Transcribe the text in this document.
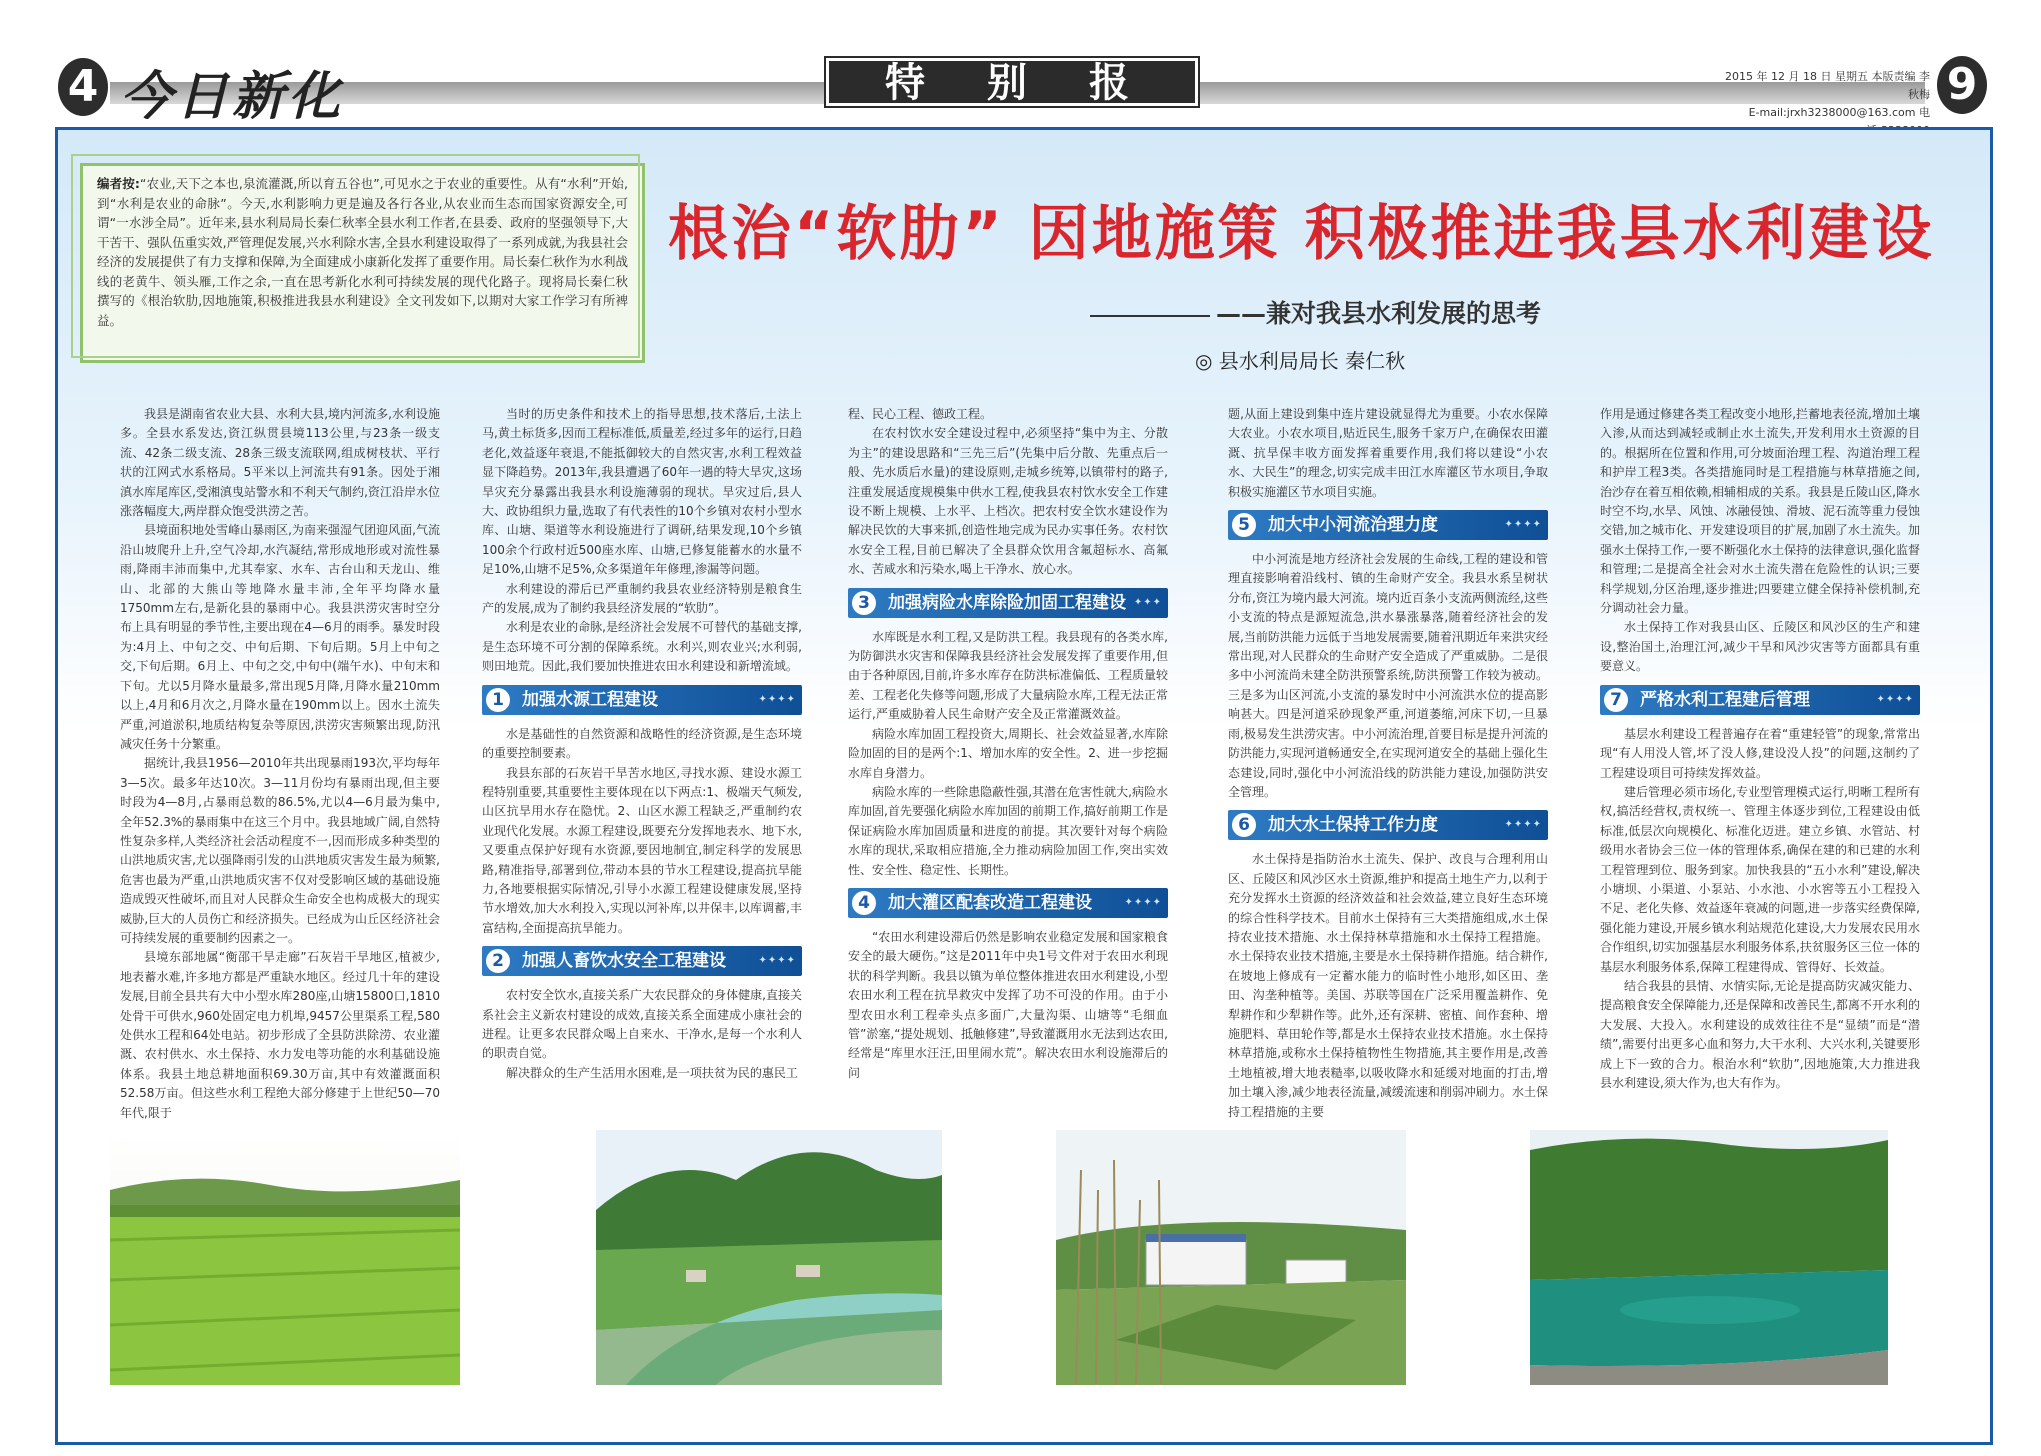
4 今日新化	特别报	2015 年 12 月 18 日 星期五 本版责编 李秋梅
E-mail:jrxh3238000@163.com 电
9
编者按:“农业,天下之本也,泉流灌溉,所以育五谷也”,可见水之于农业的重要性。从有“水利”开始,到“水利是农业的命脉”。今天,水利影响力更是遍及各行各业,从农业而生态而国家资源安全,可谓“一水涉全局”。近年来,县水利局局长秦仁秋率全县水利工作者,在县委、政府的坚强领导下,大干苦干、强队伍重实效,严管理促发展,兴水利除水害,全县水利建设取得了一系列成就,为我县社会经济的发展提供了有力支撑和保障,为全面建成小康新化发挥了重要作用。局长秦仁秋作为水利战线的老黄牛、领头雁,工作之余,一直在思考新化水利可持续发展的现代化路子。现将局长秦仁秋撰写的《根治软肋,因地施策,积极推进我县水利建设》全文刊发如下,以期对大家工作学习有所裨益。
根治“软肋” 因地施策 积极推进我县水利建设
——兼对我县水利发展的思考
◎ 县水利局局长 秦仁秋

我县是湖南省农业大县、水利大县,境内河流多,水利设施多。全县水系发达,资江纵贯县境113公里,与23条一级支流、42条二级支流、28条三级支流联网,组成树枝状、平行状的江网式水系格局。5平米以上河流共有91条。因处于湘滇水库尾库区,受湘滇曳站警水和不利天气制约,资江沿岸水位涨落幅度大,两岸群众饱受洪涝之苦。

县境面积地处雪峰山暴雨区,为南来强湿气团迎风面,气流沿山坡爬升上升,空气冷却,水汽凝结,常形成地形或对流性暴雨,降雨丰沛而集中,尤其奉家、水车、古台山和天龙山、维山、北部的大熊山等地降水量丰沛,全年平均降水量1750mm左右,是新化县的暴雨中心。我县洪涝灾害时空分布上具有明显的季节性,主要出现在4—6月的雨季。暴发时段为:4月上、中旬之交、中旬后期、下旬后期。5月上中旬之交,下旬后期。6月上、中旬之交,中旬中(端午水)、中旬末和下旬。尤以5月降水量最多,常出现5月降,月降水量210mm以上,4月和6月次之,月降水量在190mm以上。因水土流失严重,河道淤积,地质结构复杂等原因,洪涝灾害频繁出现,防汛减灾任务十分繁重。

据统计,我县1956—2010年共出现暴雨193次,平均每年3—5次。最多年达10次。3—11月份均有暴雨出现,但主要时段为4—8月,占暴雨总数的86.5%,尤以4—6月最为集中,全年52.3%的暴雨集中在这三个月中。我县地域广阔,自然特性复杂多样,人类经济社会活动程度不一,因而形成多种类型的山洪地质灾害,尤以强降雨引发的山洪地质灾害发生最为频繁,危害也最为严重,山洪地质灾害不仅对受影响区域的基础设施造成毁灭性破坏,而且对人民群众生命安全也构成极大的现实威胁,巨大的人员伤亡和经济损失。已经成为山丘区经济社会可持续发展的重要制约因素之一。

县境东部地属“衡邵干旱走廊”石灰岩干旱地区,植被少,地表蓄水难,许多地方都是严重缺水地区。经过几十年的建设发展,目前全县共有大中小型水库280座,山塘15800口,1810处骨干可供水,960处固定电力机埠,9457公里渠系工程,580处供水工程和64处电站。初步形成了全县防洪除涝、农业灌溉、农村供水、水土保持、水力发电等功能的水利基础设施体系。我县土地总耕地面积69.30万亩,其中有效灌溉面积52.58万亩。但这些水利工程绝大部分修建于上世纪50—70年代,限于

当时的历史条件和技术上的指导思想,技术落后,土法上马,黄土标货多,因而工程标准低,质量差,经过多年的运行,日趋老化,效益逐年衰退,不能抵御较大的自然灾害,水利工程效益显下降趋势。2013年,我县遭遇了60年一遇的特大旱灾,这场旱灾充分暴露出我县水利设施薄弱的现状。旱灾过后,县人大、政协组织力量,选取了有代表性的10个乡镇对农村小型水库、山塘、渠道等水利设施进行了调研,结果发现,10个乡镇100余个行政村近500座水库、山塘,已修复能蓄水的水量不足10%,山塘不足5%,众多渠道年年修理,渗漏等问题。

水利建设的滞后已严重制约我县农业经济特别是粮食生产的发展,成为了制约我县经济发展的“软肋”。

水利是农业的命脉,是经济社会发展不可替代的基础支撑,是生态环境不可分割的保障系统。水利兴,则农业兴;水利弱,则田地荒。因此,我们要加快推进农田水利建设和新增流域。

1	加强水源工程建设	✦✦✦✦

水是基础性的自然资源和战略性的经济资源,是生态环境的重要控制要素。

我县东部的石灰岩干旱苦水地区,寻找水源、建设水源工程特别重要,其重要性主要体现在以下两点:1、极端天气频发,山区抗旱用水存在隐忧。2、山区水源工程缺乏,严重制约农业现代化发展。水源工程建设,既要充分发挥地表水、地下水,又要重点保护好现有水资源,要因地制宜,制定科学的发展思路,精准指导,部署到位,带动本县的节水工程建设,提高抗旱能力,各地要根据实际情况,引导小水源工程建设健康发展,坚持节水增效,加大水利投入,实现以河补库,以井保丰,以库调蓄,丰富结构,全面提高抗旱能力。

2	加强人畜饮水安全工程建设	✦✦✦✦

农村安全饮水,直接关系广大农民群众的身体健康,直接关系社会主义新农村建设的成效,直接关系全面建成小康社会的进程。让更多农民群众喝上自来水、干净水,是每一个水利人的职责自觉。

解决群众的生产生活用水困难,是一项扶贫为民的惠民工

程、民心工程、德政工程。

在农村饮水安全建设过程中,必须坚持“集中为主、分散为主”的建设思路和“三先三后”(先集中后分散、先重点后一般、先水质后水量)的建设原则,走城乡统筹,以镇带村的路子,注重发展适度规模集中供水工程,使我县农村饮水安全工作建设不断上规模、上水平、上档次。把农村安全饮水建设作为解决民饮的大事来抓,创造性地完成为民办实事任务。农村饮水安全工程,目前已解决了全县群众饮用含氟超标水、高氟水、苦咸水和污染水,喝上干净水、放心水。

3	加强病险水库除险加固工程建设 ✦✦✦

水库既是水利工程,又是防洪工程。我县现有的各类水库,为防御洪水灾害和保障我县经济社会发展发挥了重要作用,但由于各种原因,目前,许多水库存在防洪标准偏低、工程质量较差、工程老化失修等问题,形成了大量病险水库,工程无法正常运行,严重威胁着人民生命财产安全及正常灌溉效益。

病险水库加固工程投资大,周期长、社会效益显著,水库除险加固的目的是两个:1、增加水库的安全性。2、进一步挖掘水库自身潜力。

病险水库的一些除患隐蔽性强,其潜在危害性就大,病险水库加固,首先要强化病险水库加固的前期工作,搞好前期工作是保证病险水库加固质量和进度的前提。其次要针对每个病险水库的现状,采取相应措施,全力推动病险加固工作,突出实效性、安全性、稳定性、长期性。

4	加大灌区配套改造工程建设	✦✦✦✦

“农田水利建设滞后仍然是影响农业稳定发展和国家粮食安全的最大硬伤。”这是2011年中央1号文件对于农田水利现状的科学判断。我县以镇为单位整体推进农田水利建设,小型农田水利工程在抗旱救灾中发挥了功不可没的作用。由于小型农田水利工程牵头点多面广,大量沟渠、山塘等“毛细血管”淤塞,“提处规划、抵触修建”,导致灌溉用水无法到达农田,经常是“库里水汪汪,田里闹水荒”。解决农田水利设施滞后的问

题,从面上建设到集中连片建设就显得尤为重要。小农水保障大农业。小农水项目,贴近民生,服务千家万户,在确保农田灌溉、抗旱保丰收方面发挥着重要作用,我们将以建设“小农水、大民生”的理念,切实完成丰田江水库灌区节水项目,争取积极实施灌区节水项目实施。

5	加大中小河流治理力度	✦✦✦✦

中小河流是地方经济社会发展的生命线,工程的建设和管理直接影响着沿线村、镇的生命财产安全。我县水系呈树状分布,资江为境内最大河流。境内近百条小支流两侧流经,这些小支流的特点是源短流急,洪水暴涨暴落,随着经济社会的发展,当前防洪能力远低于当地发展需要,随着汛期近年来洪灾经常出现,对人民群众的生命财产安全造成了严重威胁。二是很多中小河流尚未建全防洪预警系统,防洪预警工作较为被动。三是多为山区河流,小支流的暴发时中小河流洪水位的提高影响甚大。四是河道采砂现象严重,河道萎缩,河床下切,一旦暴雨,极易发生洪涝灾害。中小河流治理,首要目标是提升河流的防洪能力,实现河道畅通安全,在实现河道安全的基础上强化生态建设,同时,强化中小河流沿线的防洪能力建设,加强防洪安全管理。

6	加大水土保持工作力度	✦✦✦✦

水土保持是指防治水土流失、保护、改良与合理利用山区、丘陵区和风沙区水土资源,维护和提高土地生产力,以利于充分发挥水土资源的经济效益和社会效益,建立良好生态环境的综合性科学技术。目前水土保持有三大类措施组成,水土保持农业技术措施、水土保持林草措施和水土保持工程措施。水土保持农业技术措施,主要是水土保持耕作措施。结合耕作,在坡地上修成有一定蓄水能力的临时性小地形,如区田、垄田、沟垄种植等。美国、苏联等国在广泛采用覆盖耕作、免犁耕作和少犁耕作等。此外,还有深耕、密植、间作套种、增施肥料、草田轮作等,都是水土保持农业技术措施。水土保持林草措施,或称水土保持植物性生物措施,其主要作用是,改善土地植被,增大地表糙率,以吸收降水和延缓对地面的打击,增加土壤入渗,减少地表径流量,减缓流速和削弱冲刷力。水土保持工程措施的主要

作用是通过修建各类工程改变小地形,拦蓄地表径流,增加土壤入渗,从而达到减轻或制止水土流失,开发利用水土资源的目的。根据所在位置和作用,可分坡面治理工程、沟道治理工程和护岸工程3类。各类措施同时是工程措施与林草措施之间,治沙存在着互相依赖,相辅相成的关系。我县是丘陵山区,降水时空不均,水旱、风蚀、冰融侵蚀、滑坡、泥石流等重力侵蚀交错,加之城市化、开发建设项目的扩展,加剧了水土流失。加强水土保持工作,一要不断强化水土保持的法律意识,强化监督和管理;二是提高全社会对水土流失潜在危险性的认识;三要科学规划,分区治理,逐步推进;四要建立健全保持补偿机制,充分调动社会力量。

水土保持工作对我县山区、丘陵区和风沙区的生产和建设,整治国土,治理江河,减少干旱和风沙灾害等方面都具有重要意义。

7	严格水利工程建后管理	✦✦✦✦

基层水利建设工程普遍存在着“重建轻管”的现象,常常出现“有人用没人管,坏了没人修,建设没人投”的问题,这制约了工程建设项目可持续发挥效益。

建后管理必须市场化,专业型管理模式运行,明晰工程所有权,搞活经营权,责权统一、管理主体逐步到位,工程建设由低标准,低层次向规模化、标准化迈进。建立乡镇、水管站、村级用水者协会三位一体的管理体系,确保在建的和已建的水利工程管理到位、服务到家。加快我县的“五小水利”建设,解决小塘坝、小渠道、小泵站、小水池、小水窖等五小工程投入不足、老化失修、效益逐年衰减的问题,进一步落实经费保障,强化能力建设,开展乡镇水利站规范化建设,大力发展农民用水合作组织,切实加强基层水利服务体系,扶贫服务区三位一体的基层水利服务体系,保障工程建得成、管得好、长效益。

结合我县的县情、水情实际,无论是提高防灾减灾能力、提高粮食安全保障能力,还是保障和改善民生,都离不开水利的大发展、大投入。水利建设的成效往往不是“显绩”而是“潜绩”,需要付出更多心血和努力,大干水利、大兴水利,关键要形成上下一致的合力。根治水利“软肋”,因地施策,大力推进我县水利建设,须大作为,也大有作为。
